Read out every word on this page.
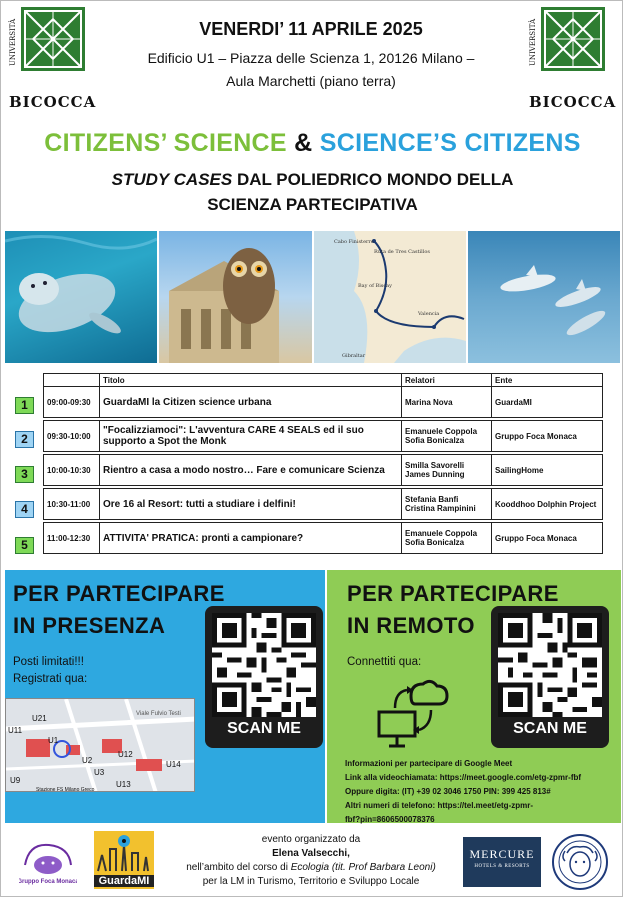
UNIVERSITÀ
BICOCCA
UNIVERSITÀ
BICOCCA
VENERDI’ 11 APRILE 2025
Edificio U1 – Piazza delle Scienza 1, 20126 Milano –
Aula Marchetti (piano terra)
CITIZENS’ SCIENCE & SCIENCE’S CITIZENS
STUDY CASES DAL POLIEDRICO MONDO DELLA
SCIENZA PARTECIPATIVA
Cabo Finisterre
Ruta de Tres Castillos
Bay of Biscay
Gibraltar
Valencia
1
2
3
4
5
	Titolo	Relatori	Ente
09:00-09:30	GuardaMI la Citizen science urbana	Marina Nova	GuardaMI

09:30-10:00	"Focalizziamoci": L'avventura CARE 4 SEALS ed il suo supporto a Spot the Monk	Emanuele Coppola
Sofia Bonicalza	Gruppo Foca Monaca

10:00-10:30	Rientro a casa a modo nostro… Fare e comunicare Scienza	Smilla Savorelli
James Dunning	SailingHome

10:30-11:00	Ore 16 al Resort: tutti a studiare i delfini!	Stefania Banfi
Cristina Rampinini	Kooddhoo Dolphin Project

11:00-12:30	ATTIVITA' PRATICA: pronti a campionare?	Emanuele Coppola
Sofia Bonicalza	Gruppo Foca Monaca
PER PARTECIPARE
IN PRESENZA
Posti limitati!!!
Registrati qua:
SCAN ME
U21
U11
U1
U2
U3
U9
U12
U13
U14
Stazione FS Milano Greco
Viale Fulvio Testi
PER PARTECIPARE
IN REMOTO
Connettiti qua:
SCAN ME
Informazioni per partecipare di Google Meet
Link alla videochiamata: https://meet.google.com/etg-zpmr-fbf
Oppure digita: (IT) +39 02 3046 1750 PIN: 399 425 813#
Altri numeri di telefono: https://tel.meet/etg-zpmr-
fbf?pin=8606500078376
Gruppo Foca Monaca	GuardaMI
evento organizzato da
Elena Valsecchi,
nell’ambito del corso di Ecologia (tit. Prof Barbara Leoni)
per la LM in Turismo, Territorio e Sviluppo Locale
MERCURE
HOTELS & RESORTS
